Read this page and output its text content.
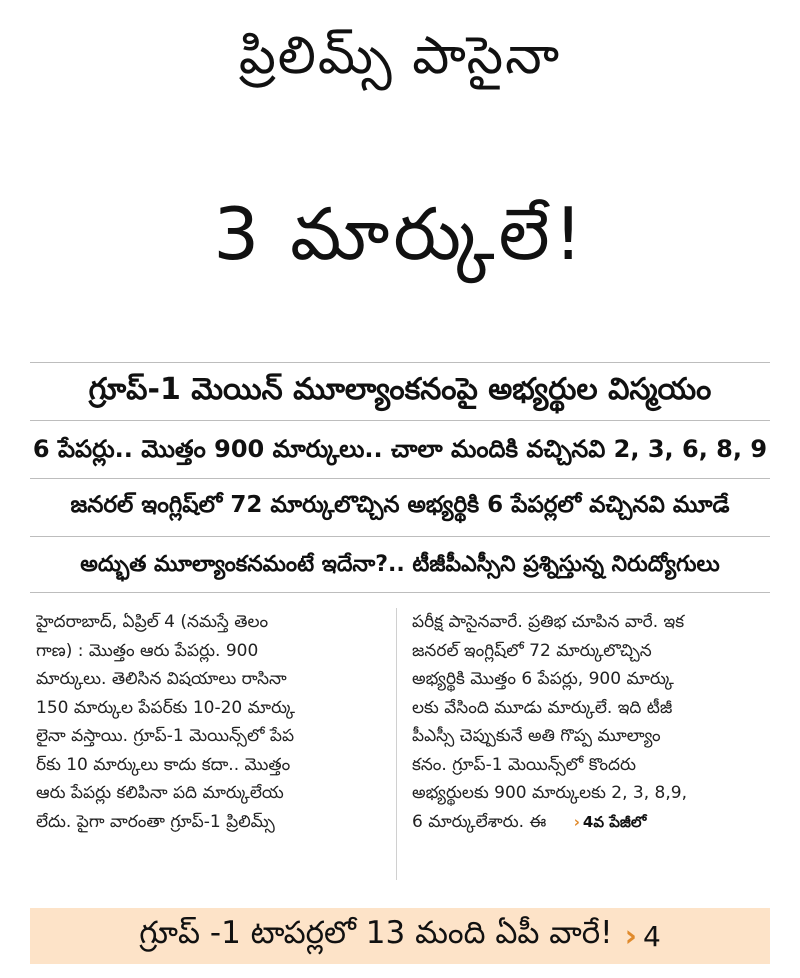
ప్రిలిమ్స్ పాసైనా
3 మార్కులే!
గ్రూప్-1 మెయిన్ మూల్యాంకనంపై అభ్యర్థుల విస్మయం
6 పేపర్లు.. మొత్తం 900 మార్కులు.. చాలా మందికి వచ్చినవి 2, 3, 6, 8, 9
జనరల్ ఇంగ్లిష్‌లో 72 మార్కులొచ్చిన అభ్యర్థికి 6 పేపర్లలో వచ్చినవి మూడే
అద్భుత మూల్యాంకనమంటే ఇదేనా?.. టీజీపీఎస్సీని ప్రశ్నిస్తున్న నిరుద్యోగులు
హైదరాబాద్, ఏప్రిల్ 4 (నమస్తే తెలం
గాణ) : మొత్తం ఆరు పేపర్లు. 900
మార్కులు. తెలిసిన విషయాలు రాసినా
150 మార్కుల పేపర్‌కు 10-20 మార్కు
లైనా వస్తాయి. గ్రూప్-1 మెయిన్స్‌లో పేప
ర్‌కు 10 మార్కులు కాదు కదా.. మొత్తం
ఆరు పేపర్లు కలిపినా పది మార్కులేయ
లేదు. పైగా వారంతా గ్రూప్-1 ప్రిలిమ్స్
పరీక్ష పాసైనవారే. ప్రతిభ చూపిన వారే. ఇక
జనరల్ ఇంగ్లిష్‌లో 72 మార్కులొచ్చిన
అభ్యర్థికి మొత్తం 6 పేపర్లు, 900 మార్కు
లకు వేసింది మూడు మార్కులే. ఇది టీజీ
పీఎస్సీ చెప్పుకునే అతి గొప్ప మూల్యాం
కనం. గ్రూప్-1 మెయిన్స్‌లో కొందరు
అభ్యర్థులకు 900 మార్కులకు 2, 3, 8,9,
6 మార్కులేశారు. ఈ › 4వ పేజీలో
గ్రూప్ -1 టాపర్లలో 13 మంది ఏపీ వారే! › 4
